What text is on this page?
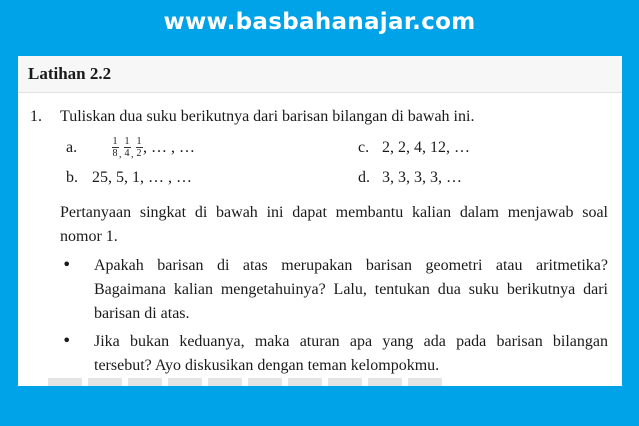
www.basbahanajar.com
Latihan 2.2
1. Tuliskan dua suku berikutnya dari barisan bilangan di bawah ini.
a.	1
8 ,
1
4 ,
1
2 , … , …	c. 2, 2, 4, 12, …
b. 25, 5, 1, … , …	d. 3, 3, 3, 3, …
Pertanyaan singkat di bawah ini dapat membantu kalian dalam menjawab soal
nomor 1.
• Apakah barisan di atas merupakan barisan geometri atau aritmetika?
Bagaimana kalian mengetahuinya? Lalu, tentukan dua suku berikutnya dari
barisan di atas.
• Jika bukan keduanya, maka aturan apa yang ada pada barisan bilangan
tersebut? Ayo diskusikan dengan teman kelompokmu.
